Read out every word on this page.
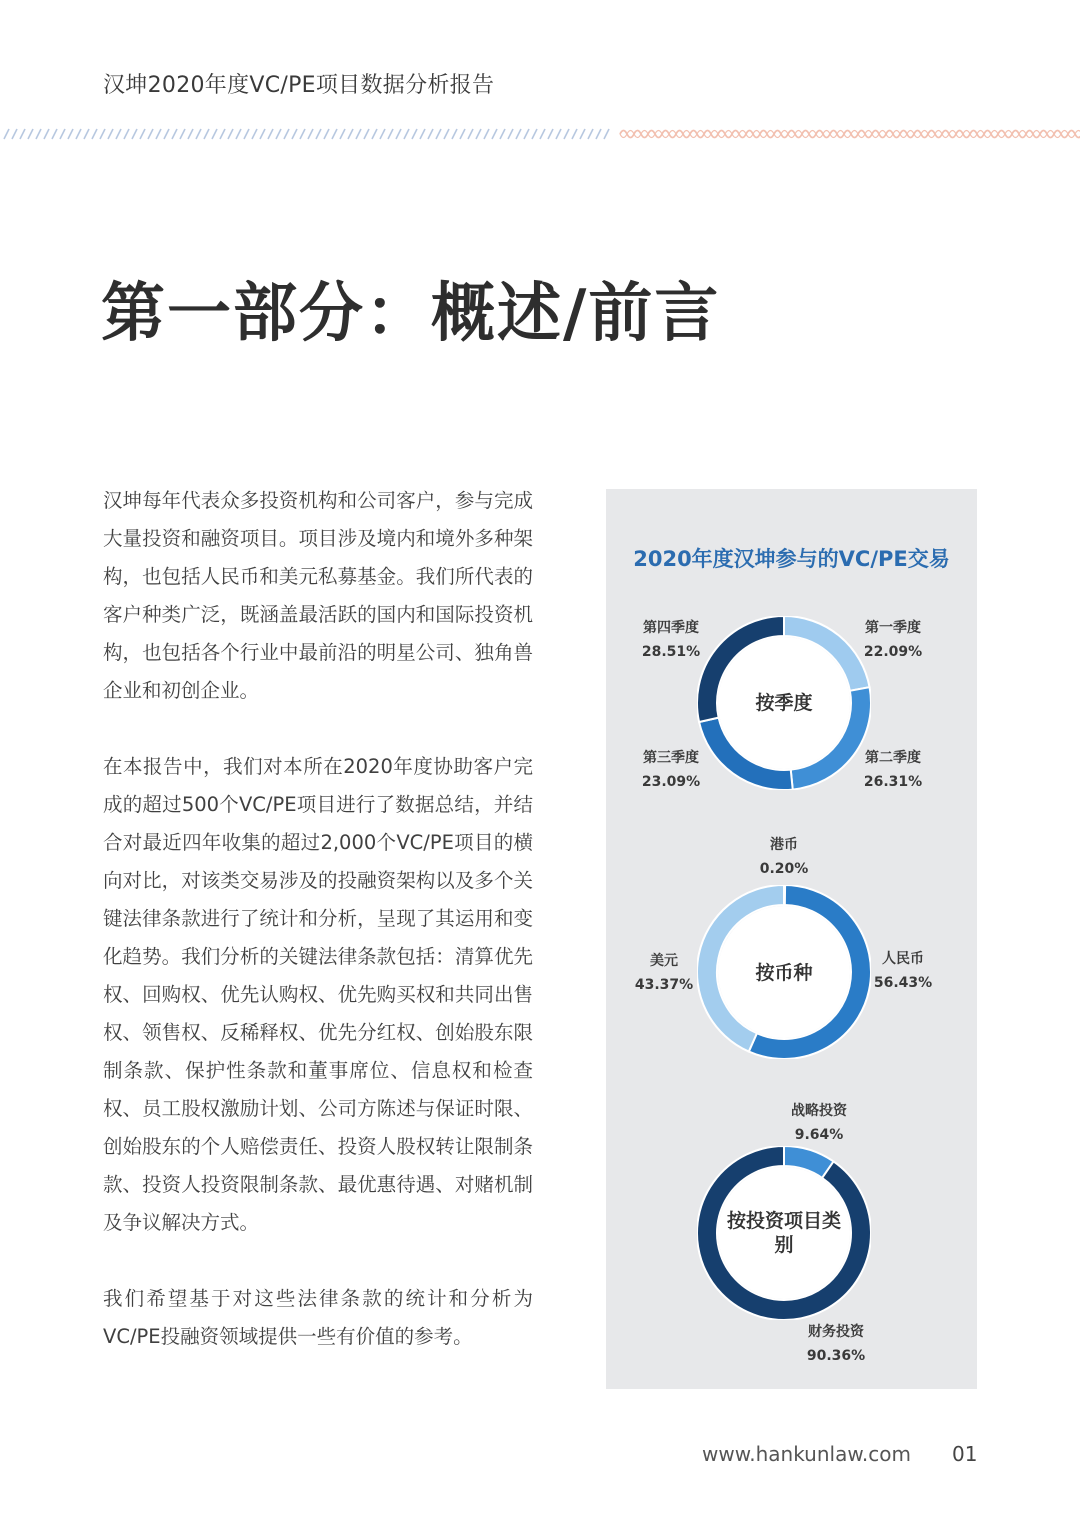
汉坤2020年度VC/PE项目数据分析报告
第一部分：概述/前言

汉坤每年代表众多投资机构和公司客户，参与完成大量投资和融资项目。项目涉及境内和境外多种架构，也包括人民币和美元私募基金。我们所代表的客户种类广泛，既涵盖最活跃的国内和国际投资机构，也包括各个行业中最前沿的明星公司、独角兽企业和初创企业。

在本报告中，我们对本所在2020年度协助客户完成的超过500个VC/PE项目进行了数据总结，并结合对最近四年收集的超过2,000个VC/PE项目的横向对比，对该类交易涉及的投融资架构以及多个关键法律条款进行了统计和分析，呈现了其运用和变化趋势。我们分析的关键法律条款包括：清算优先权、回购权、优先认购权、优先购买权和共同出售权、领售权、反稀释权、优先分红权、创始股东限制条款、保护性条款和董事席位、信息权和检查权、员工股权激励计划、公司方陈述与保证时限、创始股东的个人赔偿责任、投资人股权转让限制条款、投资人投资限制条款、最优惠待遇、对赌机制及争议解决方式。

我们希望基于对这些法律条款的统计和分析为VC/PE投融资领域提供一些有价值的参考。

2020年度汉坤参与的VC/PE交易
按季度
第一季度
22.09%
第二季度
26.31%
第三季度
23.09%
第四季度
28.51%
按币种
港币
0.20%
人民币
56.43%
美元
43.37%
按投资项目类别
战略投资
9.64%
财务投资
90.36%
www.hankunlaw.com 01
